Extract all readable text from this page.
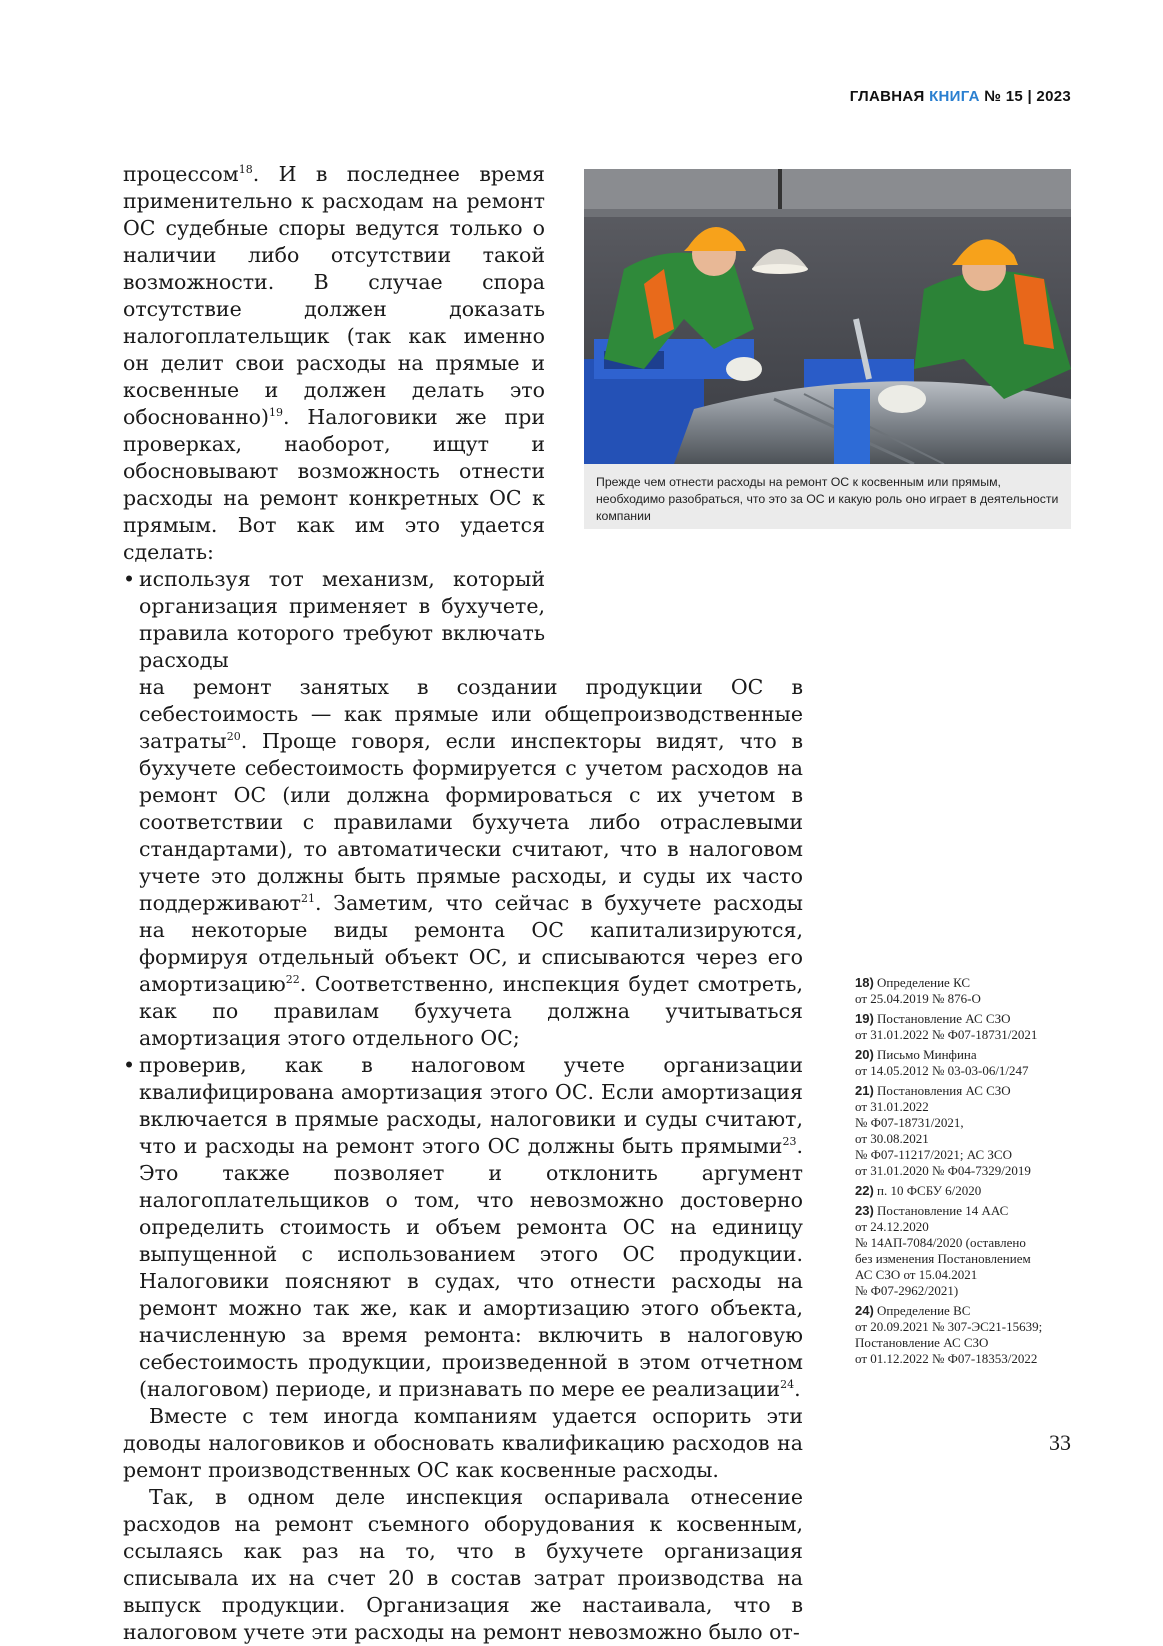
ГЛАВНАЯ КНИГА № 15 | 2023
Прежде чем отнести расходы на ремонт ОС к косвенным или прямым, необходимо разобраться, что это за ОС и какую роль оно играет в деятельности компании

процессом$^{18}$. И в последнее время применительно к расходам на ремонт ОС судебные споры ведутся только о наличии либо отсутствии такой возможности. В случае спора отсутствие должен доказать налогоплательщик (так как именно он делит свои расходы на прямые и косвенные и должен делать это обоснованно)$^{19}$. Налоговики же при проверках, наоборот, ищут и обосновывают возможность отнести расходы на ремонт конкретных ОС к прямым. Вот как им это удается сделать:

• используя тот механизм, который организация применяет в бухучете, правила которого требуют включать расходы
на ремонт занятых в создании продукции ОС в себестоимость — как прямые или общепроизводственные затраты$^{20}$. Проще говоря, если инспекторы видят, что в бухучете себестоимость формируется с учетом расходов на ремонт ОС (или должна формироваться с их учетом в соответствии с правилами бухучета либо отраслевыми стандартами), то автоматически считают, что в налоговом учете это должны быть прямые расходы, и суды их часто поддерживают$^{21}$. Заметим, что сейчас в бухучете расходы на некоторые виды ремонта ОС капитализируются, формируя отдельный объект ОС, и списываются через его амортизацию$^{22}$. Соответственно, инспекция будет смотреть, как по правилам бухучета должна учитываться амортизация этого отдельного ОС;

• проверив, как в налоговом учете организации квалифицирована амортизация этого ОС. Если амортизация включается в прямые расходы, налоговики и суды считают, что и расходы на ремонт этого ОС должны быть прямыми$^{23}$. Это также позволяет и отклонить аргумент налогоплательщиков о том, что невозможно достоверно определить стоимость и объем ремонта ОС на единицу выпущенной с использованием этого ОС продукции. Налоговики поясняют в судах, что отнести расходы на ремонт можно так же, как и амортизацию этого объекта, начисленную за время ремонта: включить в налоговую себестоимость продукции, произведенной в этом отчетном (налоговом) периоде, и признавать по мере ее реализации$^{24}$.

Вместе с тем иногда компаниям удается оспорить эти доводы налоговиков и обосновать квалификацию расходов на ремонт производственных ОС как косвенные расходы.

Так, в одном деле инспекция оспаривала отнесение расходов на ремонт съемного оборудования к косвенным, ссылаясь как раз на то, что в бухучете организация списывала их на счет 20 в состав затрат производства на выпуск продукции. Организация же настаивала, что в налоговом учете эти расходы на ремонт невозможно было от-

18) Определение КС
от 25.04.2019 № 876-О
19) Постановление АС СЗО
от 31.01.2022 № Ф07-18731/2021
20) Письмо Минфина
от 14.05.2012 № 03-03-06/1/247
21) Постановления АС СЗО
от 31.01.2022
№ Ф07-18731/2021,
от 30.08.2021
№ Ф07-11217/2021; АС ЗСО
от 31.01.2020 № Ф04-7329/2019
22) п. 10 ФСБУ 6/2020
23) Постановление 14 ААС
от 24.12.2020
№ 14АП-7084/2020 (оставлено
без изменения Постановлением
АС СЗО от 15.04.2021
№ Ф07-2962/2021)
24) Определение ВС
от 20.09.2021 № 307-ЭС21-15639;
Постановление АС СЗО
от 01.12.2022 № Ф07-18353/2022
33
